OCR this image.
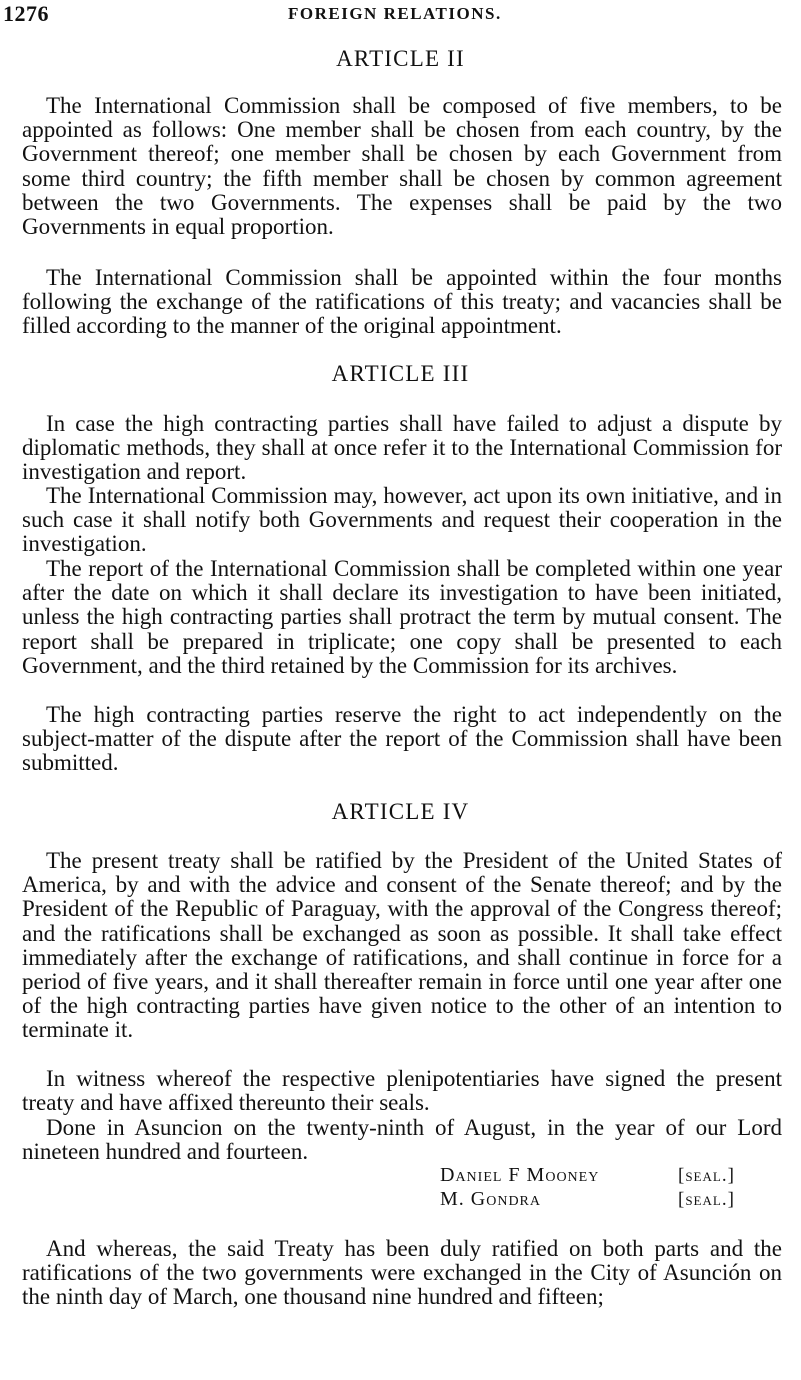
1276	FOREIGN RELATIONS.
ARTICLE II

The International Commission shall be composed of five members, to be appointed as follows: One member shall be chosen from each country, by the Government thereof; one member shall be chosen by each Government from some third country; the fifth member shall be chosen by common agreement between the two Governments. The expenses shall be paid by the two Governments in equal proportion.

The International Commission shall be appointed within the four months following the exchange of the ratifications of this treaty; and vacancies shall be filled according to the manner of the original appointment.

ARTICLE III

In case the high contracting parties shall have failed to adjust a dispute by diplomatic methods, they shall at once refer it to the International Commission for investigation and report.

The International Commission may, however, act upon its own initiative, and in such case it shall notify both Governments and request their cooperation in the investigation.

The report of the International Commission shall be completed within one year after the date on which it shall declare its investigation to have been initiated, unless the high contracting parties shall protract the term by mutual consent. The report shall be prepared in triplicate; one copy shall be presented to each Government, and the third retained by the Commission for its archives.

The high contracting parties reserve the right to act independently on the subject-matter of the dispute after the report of the Commission shall have been submitted.

ARTICLE IV

The present treaty shall be ratified by the President of the United States of America, by and with the advice and consent of the Senate thereof; and by the President of the Republic of Paraguay, with the approval of the Congress thereof; and the ratifications shall be exchanged as soon as possible. It shall take effect immediately after the exchange of ratifications, and shall continue in force for a period of five years, and it shall thereafter remain in force until one year after one of the high contracting parties have given notice to the other of an intention to terminate it.

In witness whereof the respective plenipotentiaries have signed the present treaty and have affixed thereunto their seals.

Done in Asuncion on the twenty-ninth of August, in the year of our Lord nineteen hundred and fourteen.

Daniel F Mooney	[seal.]
M. Gondra	[seal.]

And whereas, the said Treaty has been duly ratified on both parts and the ratifications of the two governments were exchanged in the City of Asunción on the ninth day of March, one thousand nine hundred and fifteen;
